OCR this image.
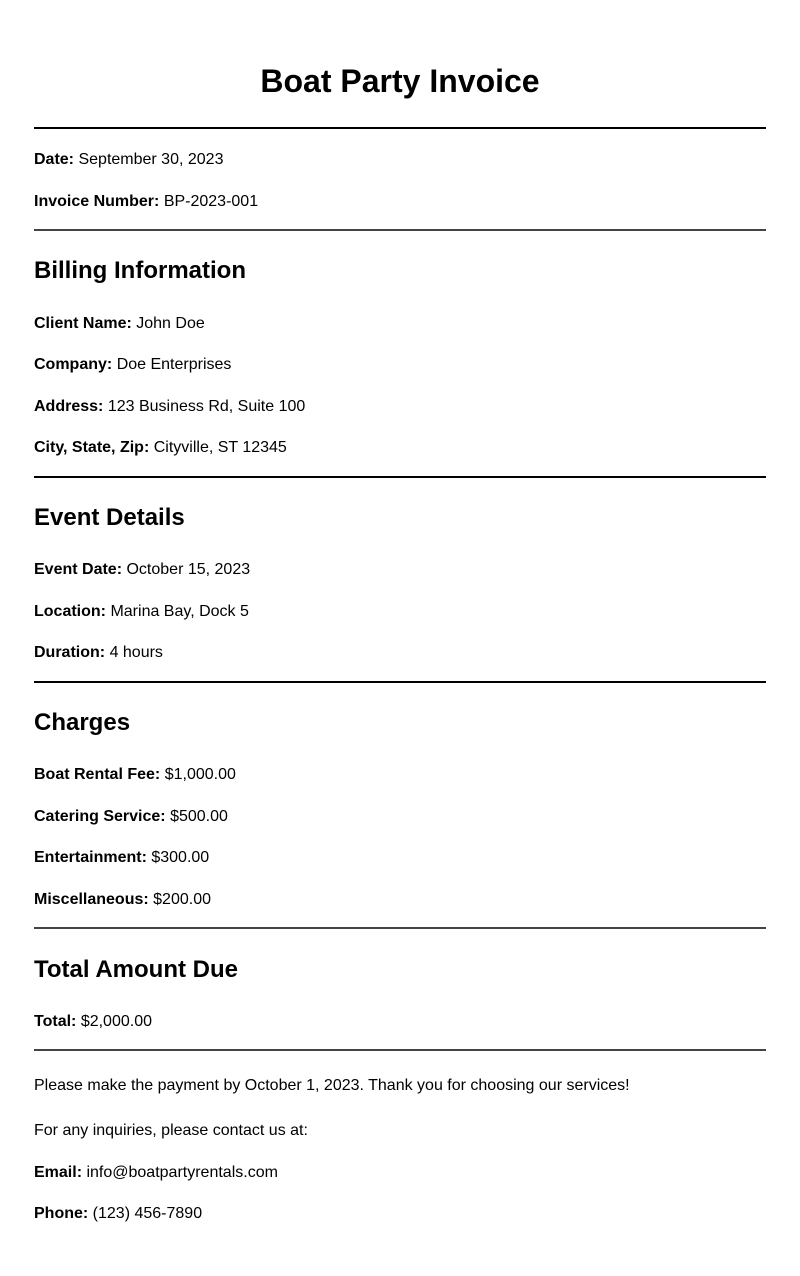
Boat Party Invoice
Date: September 30, 2023
Invoice Number: BP-2023-001
Billing Information
Client Name: John Doe
Company: Doe Enterprises
Address: 123 Business Rd, Suite 100
City, State, Zip: Cityville, ST 12345
Event Details
Event Date: October 15, 2023
Location: Marina Bay, Dock 5
Duration: 4 hours
Charges
Boat Rental Fee: $1,000.00
Catering Service: $500.00
Entertainment: $300.00
Miscellaneous: $200.00
Total Amount Due
Total: $2,000.00
Please make the payment by October 1, 2023. Thank you for choosing our services!
For any inquiries, please contact us at:
Email: info@boatpartyrentals.com
Phone: (123) 456-7890
